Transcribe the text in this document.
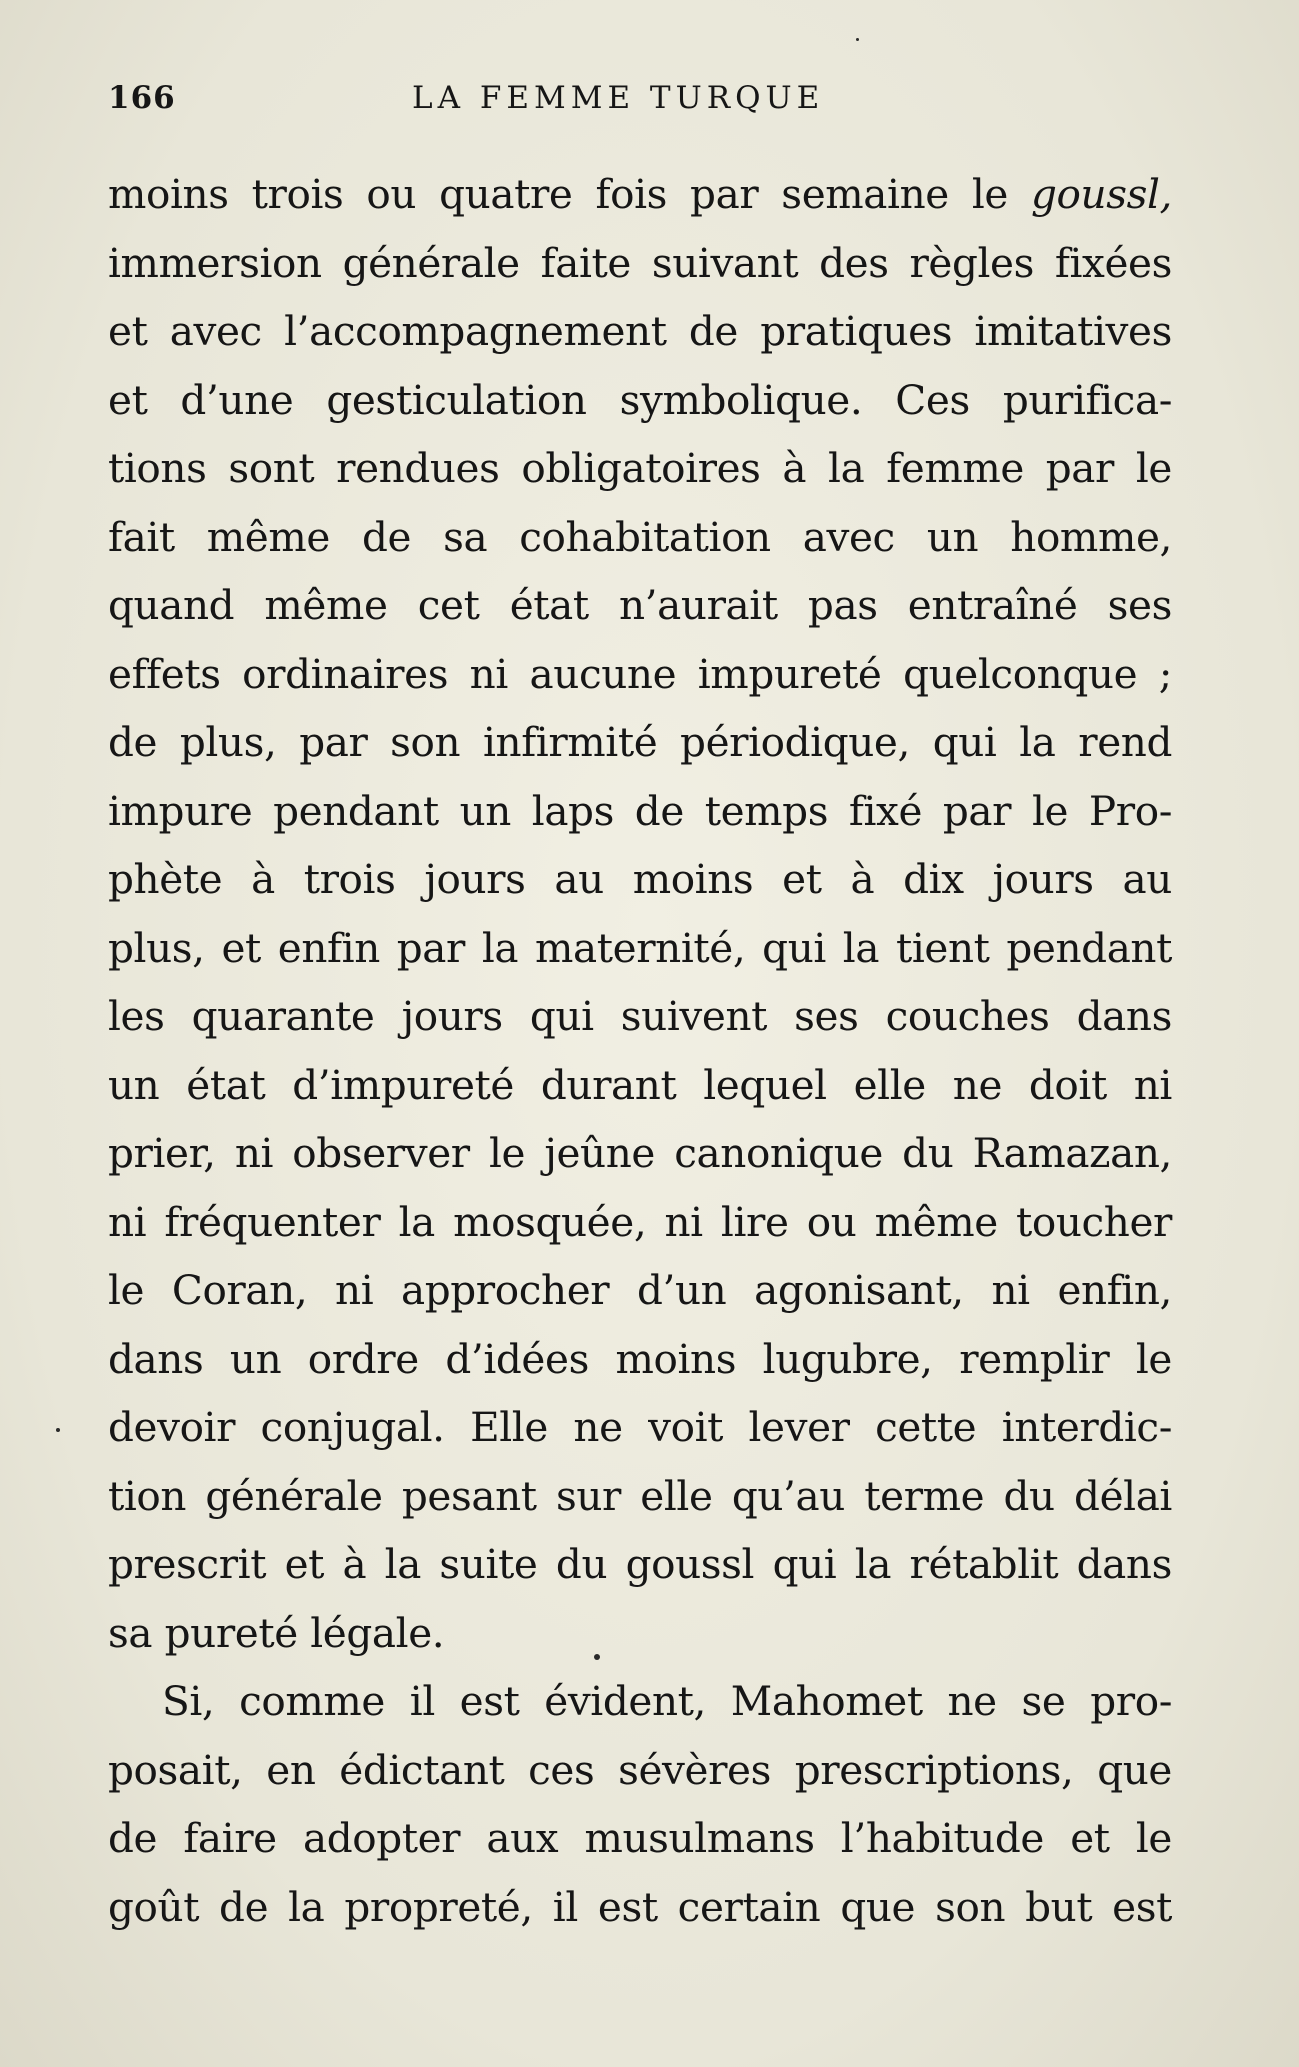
166	LA FEMME TURQUE
moins trois ou quatre fois par semaine le goussl,
immersion générale faite suivant des règles fixées
et avec l’accompagnement de pratiques imitatives
et d’une gesticulation symbolique. Ces purifica-
tions sont rendues obligatoires à la femme par le
fait même de sa cohabitation avec un homme,
quand même cet état n’aurait pas entraîné ses
effets ordinaires ni aucune impureté quelconque ;
de plus, par son infirmité périodique, qui la rend
impure pendant un laps de temps fixé par le Pro-
phète à trois jours au moins et à dix jours au
plus, et enfin par la maternité, qui la tient pendant
les quarante jours qui suivent ses couches dans
un état d’impureté durant lequel elle ne doit ni
prier, ni observer le jeûne canonique du Ramazan,
ni fréquenter la mosquée, ni lire ou même toucher
le Coran, ni approcher d’un agonisant, ni enfin,
dans un ordre d’idées moins lugubre, remplir le
devoir conjugal. Elle ne voit lever cette interdic-
tion générale pesant sur elle qu’au terme du délai
prescrit et à la suite du goussl qui la rétablit dans
sa pureté légale.
Si, comme il est évident, Mahomet ne se pro-
posait, en édictant ces sévères prescriptions, que
de faire adopter aux musulmans l’habitude et le
goût de la propreté, il est certain que son but est
